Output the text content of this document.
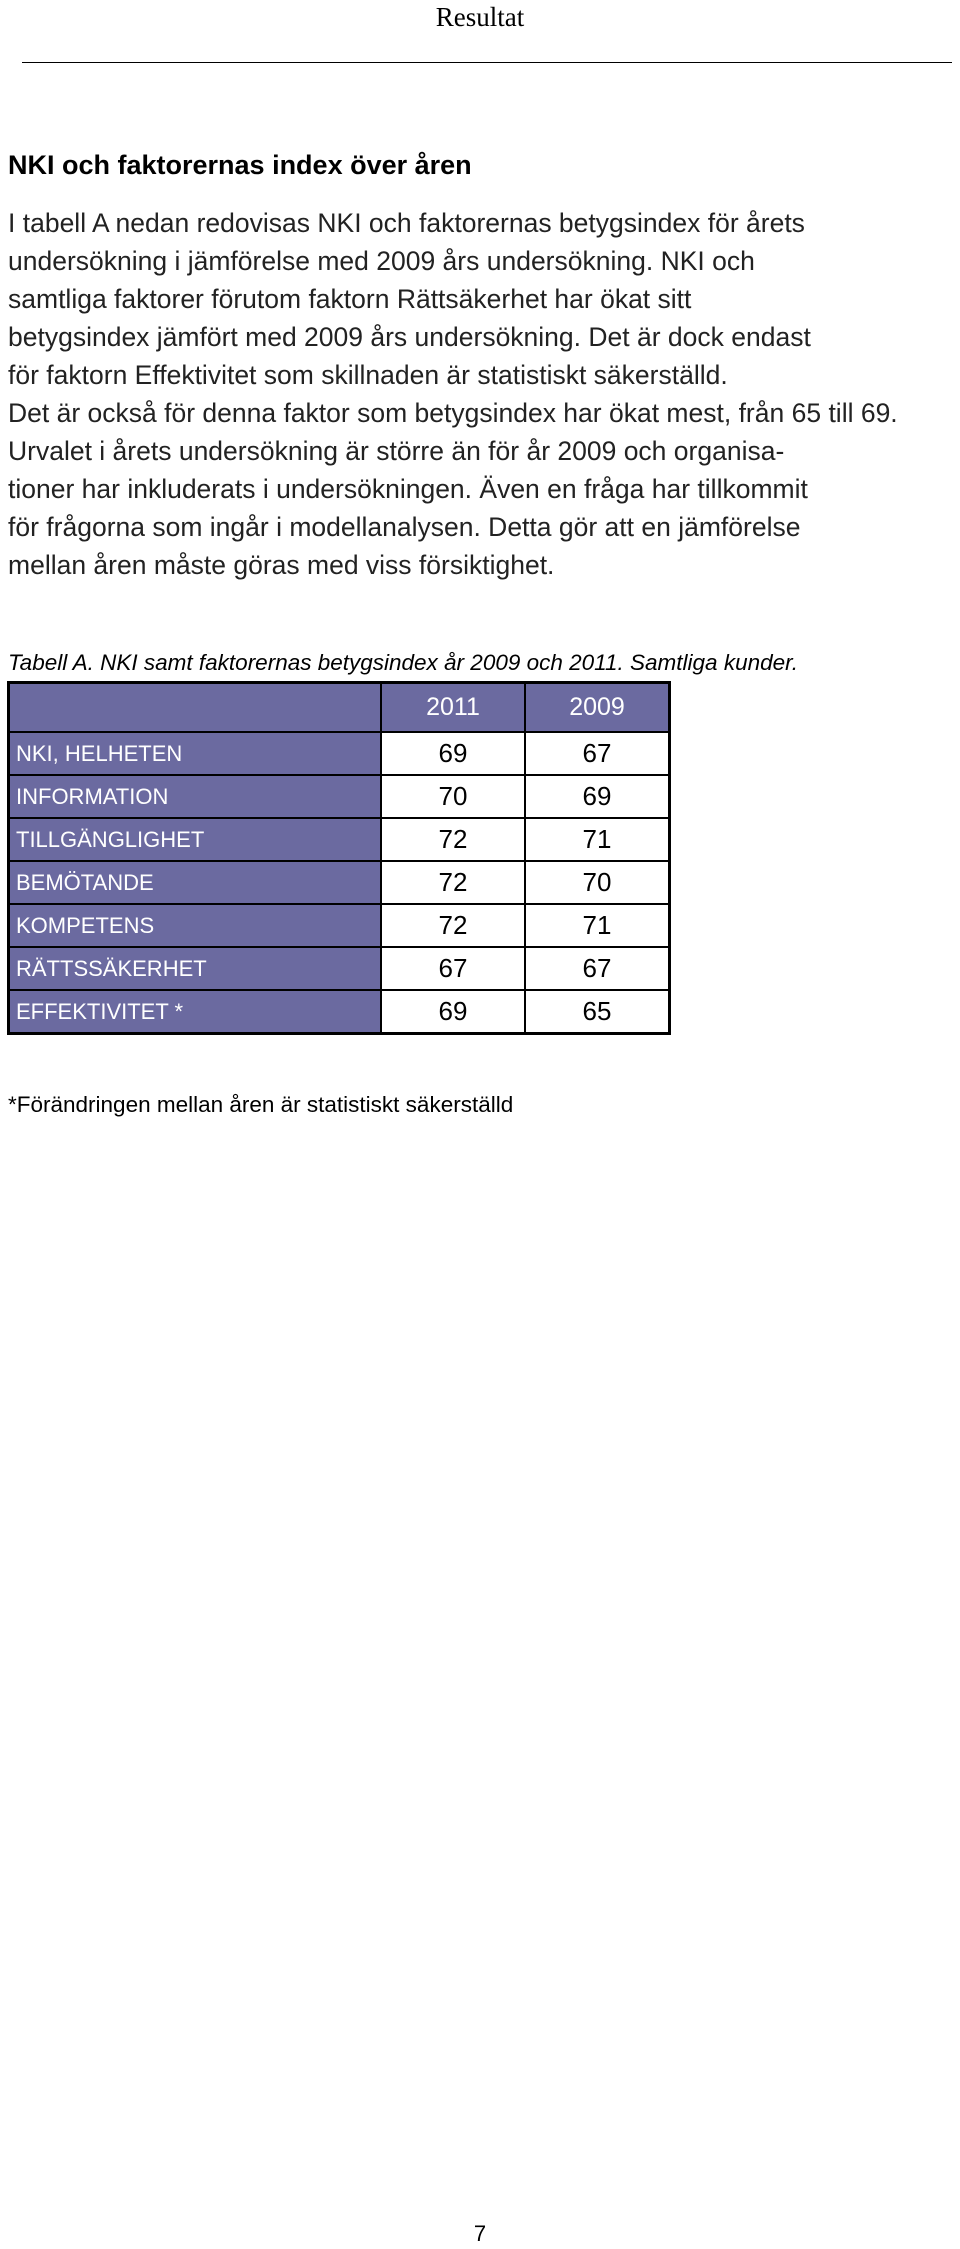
Resultat
NKI och faktorernas index över åren

I tabell A nedan redovisas NKI och faktorernas betygsindex för årets

undersökning i jämförelse med 2009 års undersökning. NKI och

samtliga faktorer förutom faktorn Rättsäkerhet har ökat sitt

betygsindex jämfört med 2009 års undersökning. Det är dock endast

för faktorn Effektivitet som skillnaden är statistiskt säkerställd.

Det är också för denna faktor som betygsindex har ökat mest, från 65 till 69.

Urvalet i årets undersökning är större än för år 2009 och organisa-

tioner har inkluderats i undersökningen. Även en fråga har tillkommit

för frågorna som ingår i modellanalysen. Detta gör att en jämförelse

mellan åren måste göras med viss försiktighet.

Tabell A. NKI samt faktorernas betygsindex år 2009 och 2011. Samtliga kunder.
	2011	2009
NKI, HELHETEN	69	67
INFORMATION	70	69
TILLGÄNGLIGHET	72	71
BEMÖTANDE	72	70
KOMPETENS	72	71
RÄTTSSÄKERHET	67	67
EFFEKTIVITET *	69	65
*Förändringen mellan åren är statistiskt säkerställd
7
